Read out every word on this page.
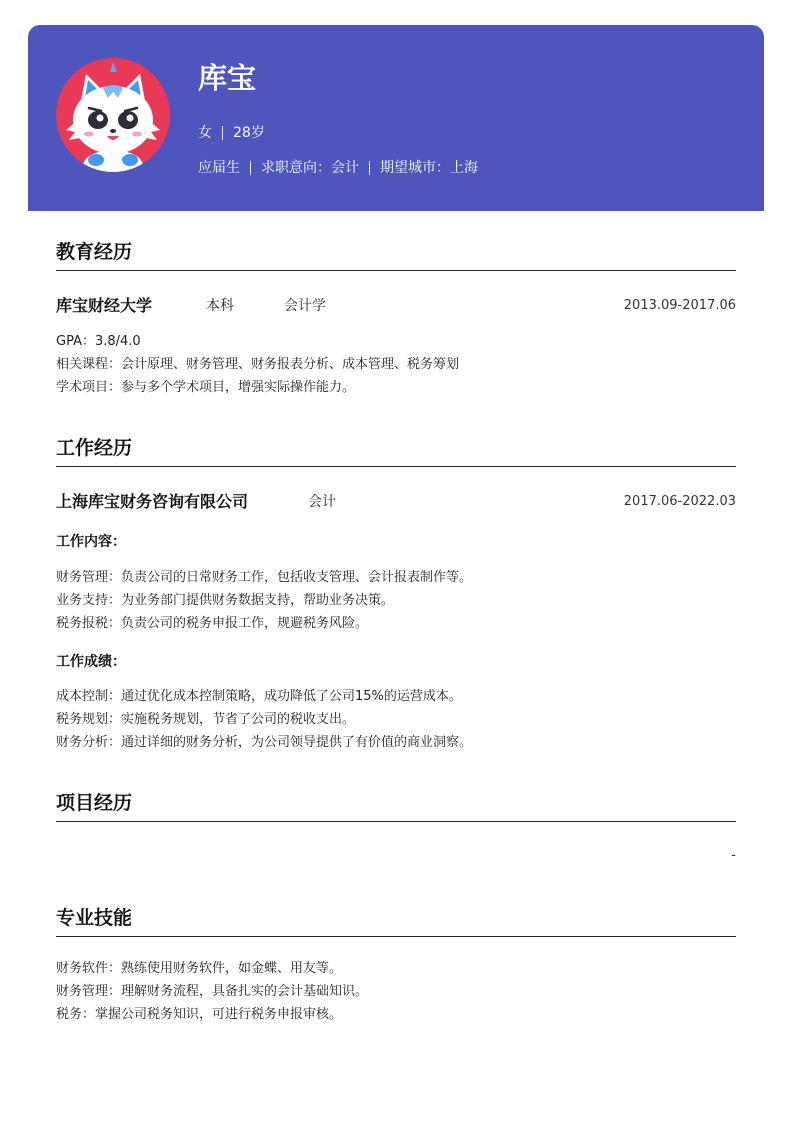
库宝
女 28岁
应届生 求职意向：会计 期望城市：上海
教育经历
库宝财经大学	本科	会计学	2013.09-2017.06
GPA：3.8/4.0
相关课程：会计原理、财务管理、财务报表分析、成本管理、税务筹划
学术项目：参与多个学术项目，增强实际操作能力。
工作经历
上海库宝财务咨询有限公司	会计	2017.06-2022.03
工作内容：
财务管理：负责公司的日常财务工作，包括收支管理、会计报表制作等。
业务支持：为业务部门提供财务数据支持，帮助业务决策。
税务报税：负责公司的税务申报工作，规避税务风险。
工作成绩：
成本控制：通过优化成本控制策略，成功降低了公司15%的运营成本。
税务规划：实施税务规划，节省了公司的税收支出。
财务分析：通过详细的财务分析，为公司领导提供了有价值的商业洞察。
项目经历
-
专业技能
财务软件：熟练使用财务软件，如金蝶、用友等。
财务管理：理解财务流程，具备扎实的会计基础知识。
税务：掌握公司税务知识，可进行税务申报审核。
